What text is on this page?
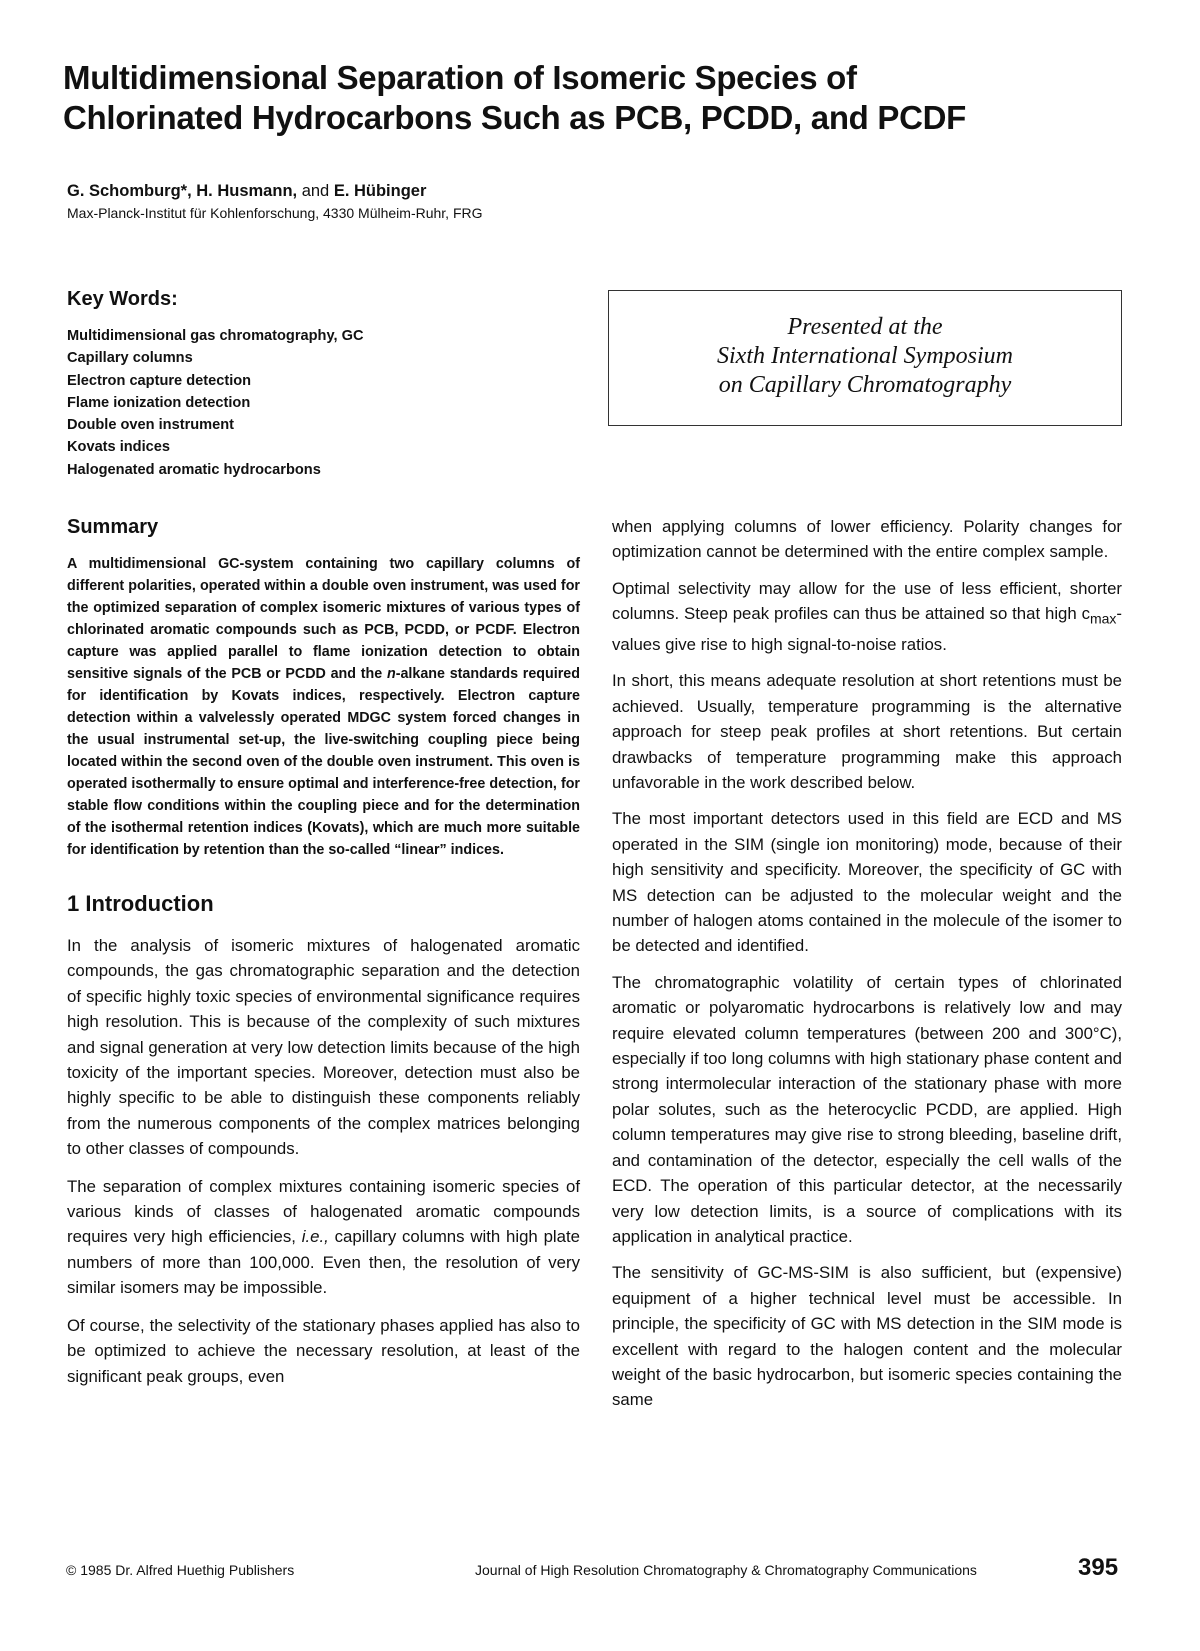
Multidimensional Separation of Isomeric Species of
Chlorinated Hydrocarbons Such as PCB, PCDD, and PCDF
G. Schomburg*, H. Husmann, and E. Hübinger
Max-Planck-Institut für Kohlenforschung, 4330 Mülheim-Ruhr, FRG
Key Words:
Multidimensional gas chromatography, GC
Capillary columns
Electron capture detection
Flame ionization detection
Double oven instrument
Kovats indices
Halogenated aromatic hydrocarbons
Presented at the
Sixth International Symposium
on Capillary Chromatography
Summary

A multidimensional GC-system containing two capillary columns of different polarities, operated within a double oven instrument, was used for the optimized separation of complex isomeric mixtures of various types of chlorinated aromatic compounds such as PCB, PCDD, or PCDF. Electron capture was applied parallel to flame ionization detection to obtain sensitive signals of the PCB or PCDD and the n-alkane standards required for identification by Kovats indices, respectively. Electron capture detection within a valvelessly operated MDGC system forced changes in the usual instrumental set-up, the live-switching coupling piece being located within the second oven of the double oven instrument. This oven is operated isothermally to ensure optimal and interference-free detection, for stable flow conditions within the coupling piece and for the determination of the isothermal retention indices (Kovats), which are much more suitable for identification by retention than the so-called “linear” indices.

1 Introduction

In the analysis of isomeric mixtures of halogenated aromatic compounds, the gas chromatographic separation and the detection of specific highly toxic species of environmental significance requires high resolution. This is because of the complexity of such mixtures and signal generation at very low detection limits because of the high toxicity of the important species. Moreover, detection must also be highly specific to be able to distinguish these components reliably from the numerous components of the complex matrices belonging to other classes of compounds.

The separation of complex mixtures containing isomeric species of various kinds of classes of halogenated aromatic compounds requires very high efficiencies, i.e., capillary columns with high plate numbers of more than 100,000. Even then, the resolution of very similar isomers may be impossible.

Of course, the selectivity of the stationary phases applied has also to be optimized to achieve the necessary resolution, at least of the significant peak groups, even

when applying columns of lower efficiency. Polarity changes for optimization cannot be determined with the entire complex sample.

Optimal selectivity may allow for the use of less efficient, shorter columns. Steep peak profiles can thus be attained so that high $c_{max}$-values give rise to high signal-to-noise ratios.

In short, this means adequate resolution at short retentions must be achieved. Usually, temperature programming is the alternative approach for steep peak profiles at short retentions. But certain drawbacks of temperature programming make this approach unfavorable in the work described below.

The most important detectors used in this field are ECD and MS operated in the SIM (single ion monitoring) mode, because of their high sensitivity and specificity. Moreover, the specificity of GC with MS detection can be adjusted to the molecular weight and the number of halogen atoms contained in the molecule of the isomer to be detected and identified.

The chromatographic volatility of certain types of chlorinated aromatic or polyaromatic hydrocarbons is relatively low and may require elevated column temperatures (between 200 and 300°C), especially if too long columns with high stationary phase content and strong intermolecular interaction of the stationary phase with more polar solutes, such as the heterocyclic PCDD, are applied. High column temperatures may give rise to strong bleeding, baseline drift, and contamination of the detector, especially the cell walls of the ECD. The operation of this particular detector, at the necessarily very low detection limits, is a source of complications with its application in analytical practice.

The sensitivity of GC-MS-SIM is also sufficient, but (expensive) equipment of a higher technical level must be accessible. In principle, the specificity of GC with MS detection in the SIM mode is excellent with regard to the halogen content and the molecular weight of the basic hydrocarbon, but isomeric species containing the same

© 1985 Dr. Alfred Huethig Publishers	Journal of High Resolution Chromatography & Chromatography Communications	395
